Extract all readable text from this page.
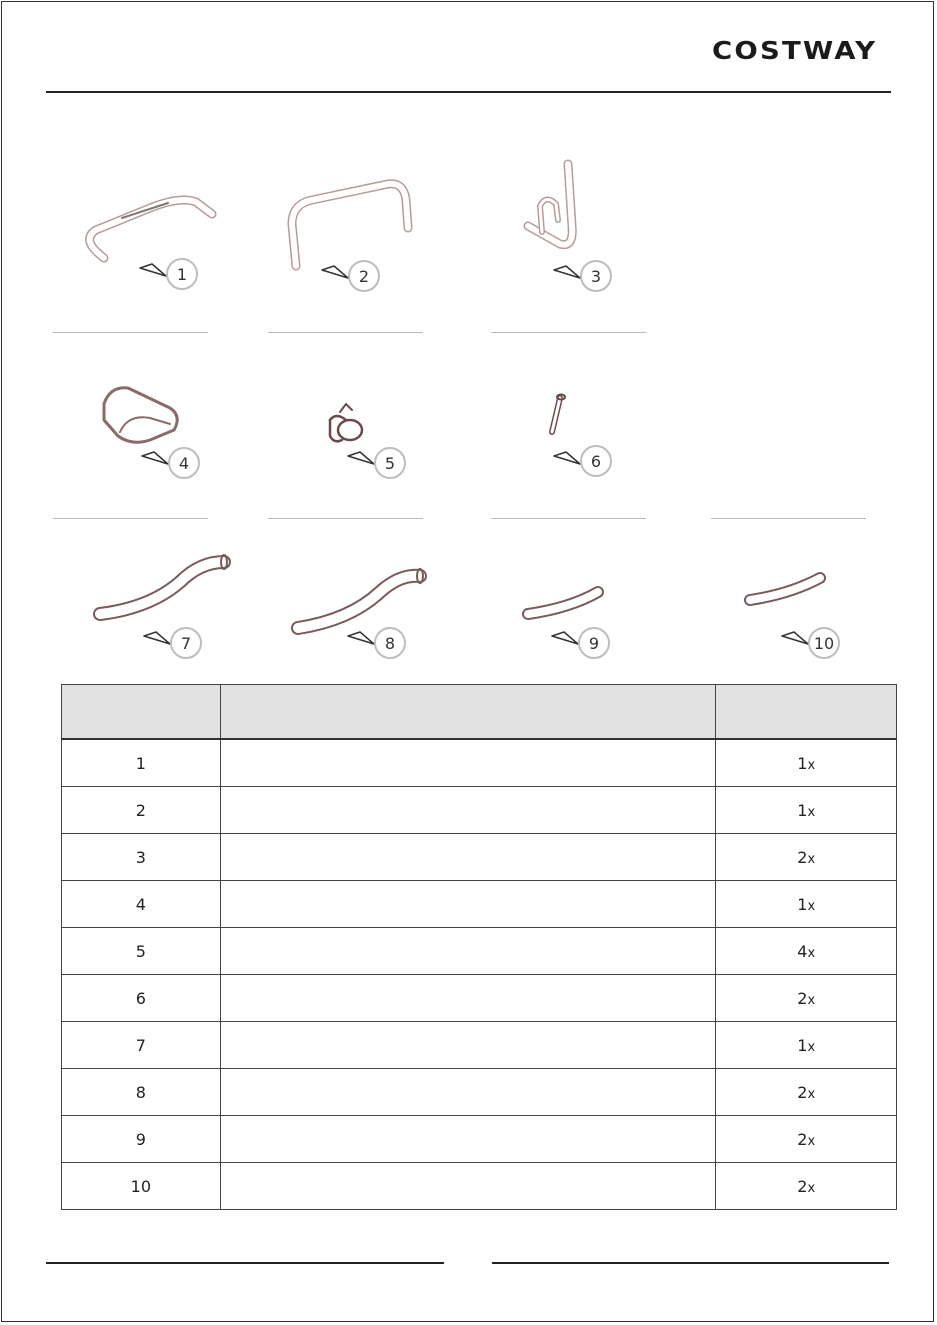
COSTWAY
1	2	3
4	5	6
7	8	9	10

1		1x
2		1x
3		2x
4		1x
5		4x
6		2x
7		1x
8		2x
9		2x
10		2x
